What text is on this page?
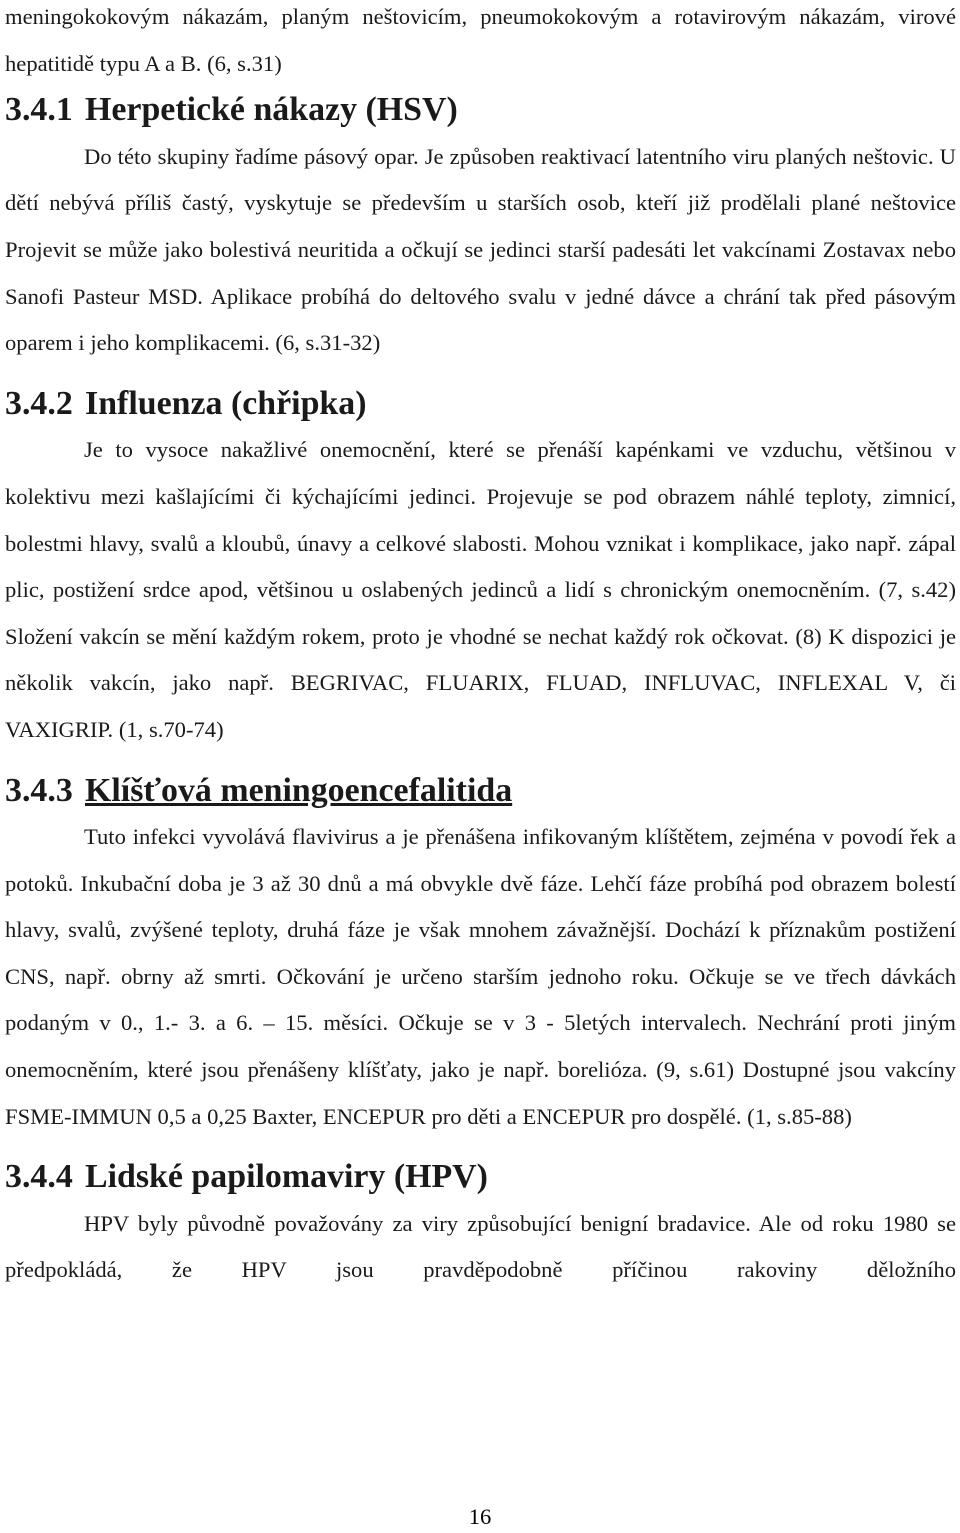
meningokokovým nákazám, planým neštovicím, pneumokokovým a rotavirovým nákazám, virové hepatitidě typu A a B. (6, s.31)

3.4.1 Herpetické nákazy (HSV)

Do této skupiny řadíme pásový opar. Je způsoben reaktivací latentního viru planých neštovic. U dětí nebývá příliš častý, vyskytuje se především u starších osob, kteří již prodělali plané neštovice Projevit se může jako bolestivá neuritida a očkují se jedinci starší padesáti let vakcínami Zostavax nebo Sanofi Pasteur MSD. Aplikace probíhá do deltového svalu v jedné dávce a chrání tak před pásovým oparem i jeho komplikacemi. (6, s.31-32)

3.4.2 Influenza (chřipka)

Je to vysoce nakažlivé onemocnění, které se přenáší kapénkami ve vzduchu, většinou v kolektivu mezi kašlajícími či kýchajícími jedinci. Projevuje se pod obrazem náhlé teploty, zimnicí, bolestmi hlavy, svalů a kloubů, únavy a celkové slabosti. Mohou vznikat i komplikace, jako např. zápal plic, postižení srdce apod, většinou u oslabených jedinců a lidí s chronickým onemocněním. (7, s.42) Složení vakcín se mění každým rokem, proto je vhodné se nechat každý rok očkovat. (8) K dispozici je několik vakcín, jako např. BEGRIVAC, FLUARIX, FLUAD, INFLUVAC, INFLEXAL V, či VAXIGRIP. (1, s.70-74)

3.4.3 Klíšťová meningoencefalitida

Tuto infekci vyvolává flavivirus a je přenášena infikovaným klíštětem, zejména v povodí řek a potoků. Inkubační doba je 3 až 30 dnů a má obvykle dvě fáze. Lehčí fáze probíhá pod obrazem bolestí hlavy, svalů, zvýšené teploty, druhá fáze je však mnohem závažnější. Dochází k příznakům postižení CNS, např. obrny až smrti. Očkování je určeno starším jednoho roku. Očkuje se ve třech dávkách podaným v 0., 1.- 3. a 6. – 15. měsíci. Očkuje se v 3 - 5letých intervalech. Nechrání proti jiným onemocněním, které jsou přenášeny klíšťaty, jako je např. borelióza. (9, s.61) Dostupné jsou vakcíny FSME-IMMUN 0,5 a 0,25 Baxter, ENCEPUR pro děti a ENCEPUR pro dospělé. (1, s.85-88)

3.4.4 Lidské papilomaviry (HPV)

HPV byly původně považovány za viry způsobující benigní bradavice. Ale od roku 1980 se předpokládá, že HPV jsou pravděpodobně příčinou rakoviny děložního

16
